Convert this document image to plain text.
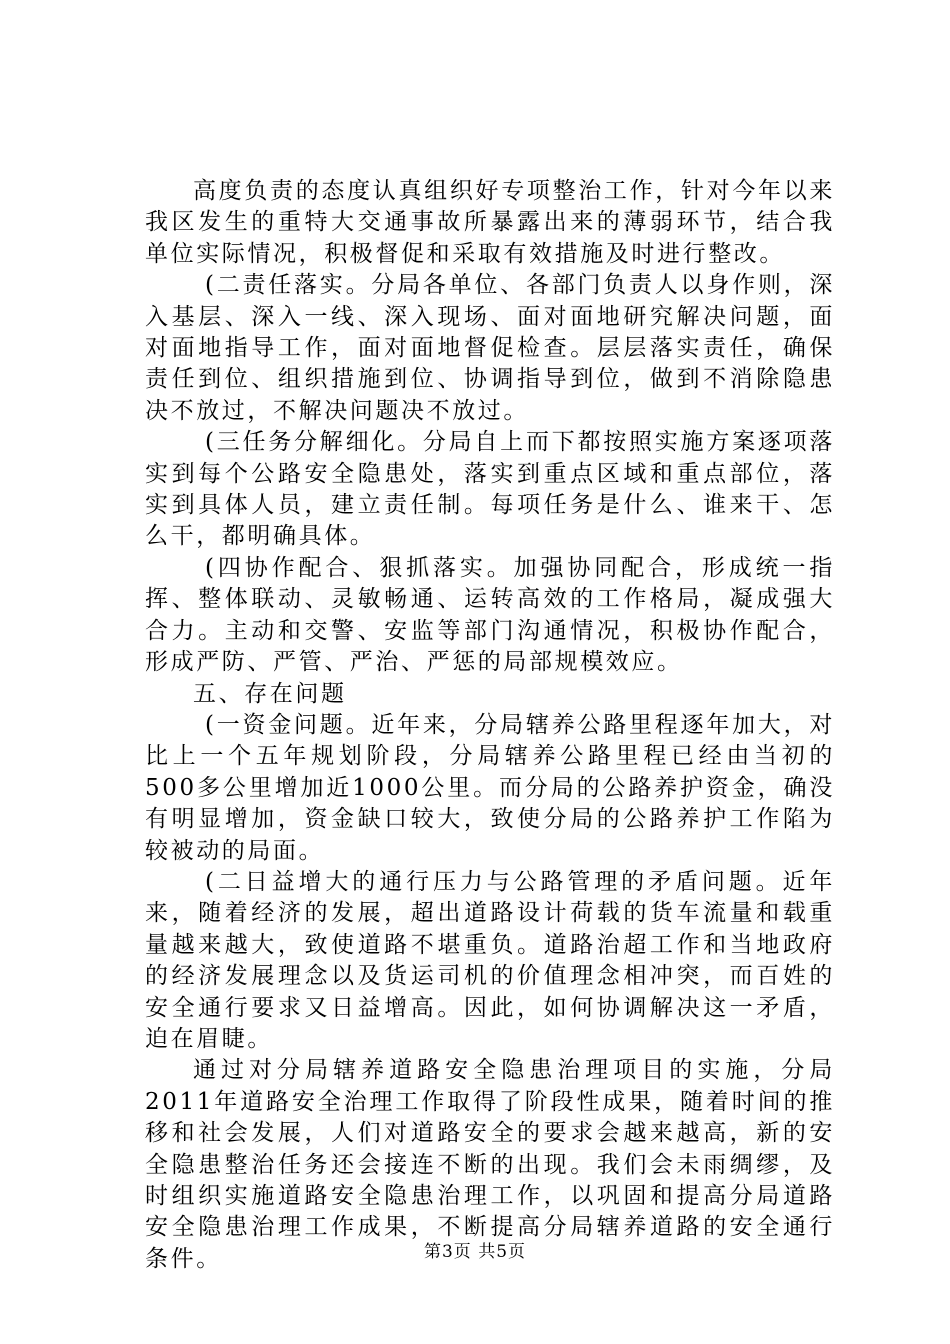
高度负责的态度认真组织好专项整治工作，针对今年以来我区发生的重特大交通事故所暴露出来的薄弱环节，结合我单位实际情况，积极督促和采取有效措施及时进行整改。

(二责任落实。分局各单位、各部门负责人以身作则，深入基层、深入一线、深入现场、面对面地研究解决问题，面对面地指导工作，面对面地督促检查。层层落实责任，确保责任到位、组织措施到位、协调指导到位，做到不消除隐患决不放过，不解决问题决不放过。

(三任务分解细化。分局自上而下都按照实施方案逐项落实到每个公路安全隐患处，落实到重点区域和重点部位，落实到具体人员，建立责任制。每项任务是什么、谁来干、怎么干，都明确具体。

(四协作配合、狠抓落实。加强协同配合，形成统一指挥、整体联动、灵敏畅通、运转高效的工作格局，凝成强大合力。主动和交警、安监等部门沟通情况，积极协作配合，形成严防、严管、严治、严惩的局部规模效应。

五、存在问题

(一资金问题。近年来，分局辖养公路里程逐年加大，对比上一个五年规划阶段，分局辖养公路里程已经由当初的500多公里增加近1000公里。而分局的公路养护资金，确没有明显增加，资金缺口较大，致使分局的公路养护工作陷为较被动的局面。

(二日益增大的通行压力与公路管理的矛盾问题。近年来，随着经济的发展，超出道路设计荷载的货车流量和载重量越来越大，致使道路不堪重负。道路治超工作和当地政府的经济发展理念以及货运司机的价值理念相冲突，而百姓的安全通行要求又日益增高。因此，如何协调解决这一矛盾，迫在眉睫。

通过对分局辖养道路安全隐患治理项目的实施，分局2011年道路安全治理工作取得了阶段性成果，随着时间的推移和社会发展，人们对道路安全的要求会越来越高，新的安全隐患整治任务还会接连不断的出现。我们会未雨绸缪，及时组织实施道路安全隐患治理工作，以巩固和提高分局道路安全隐患治理工作成果，不断提高分局辖养道路的安全通行条件。	第3页 共5页
